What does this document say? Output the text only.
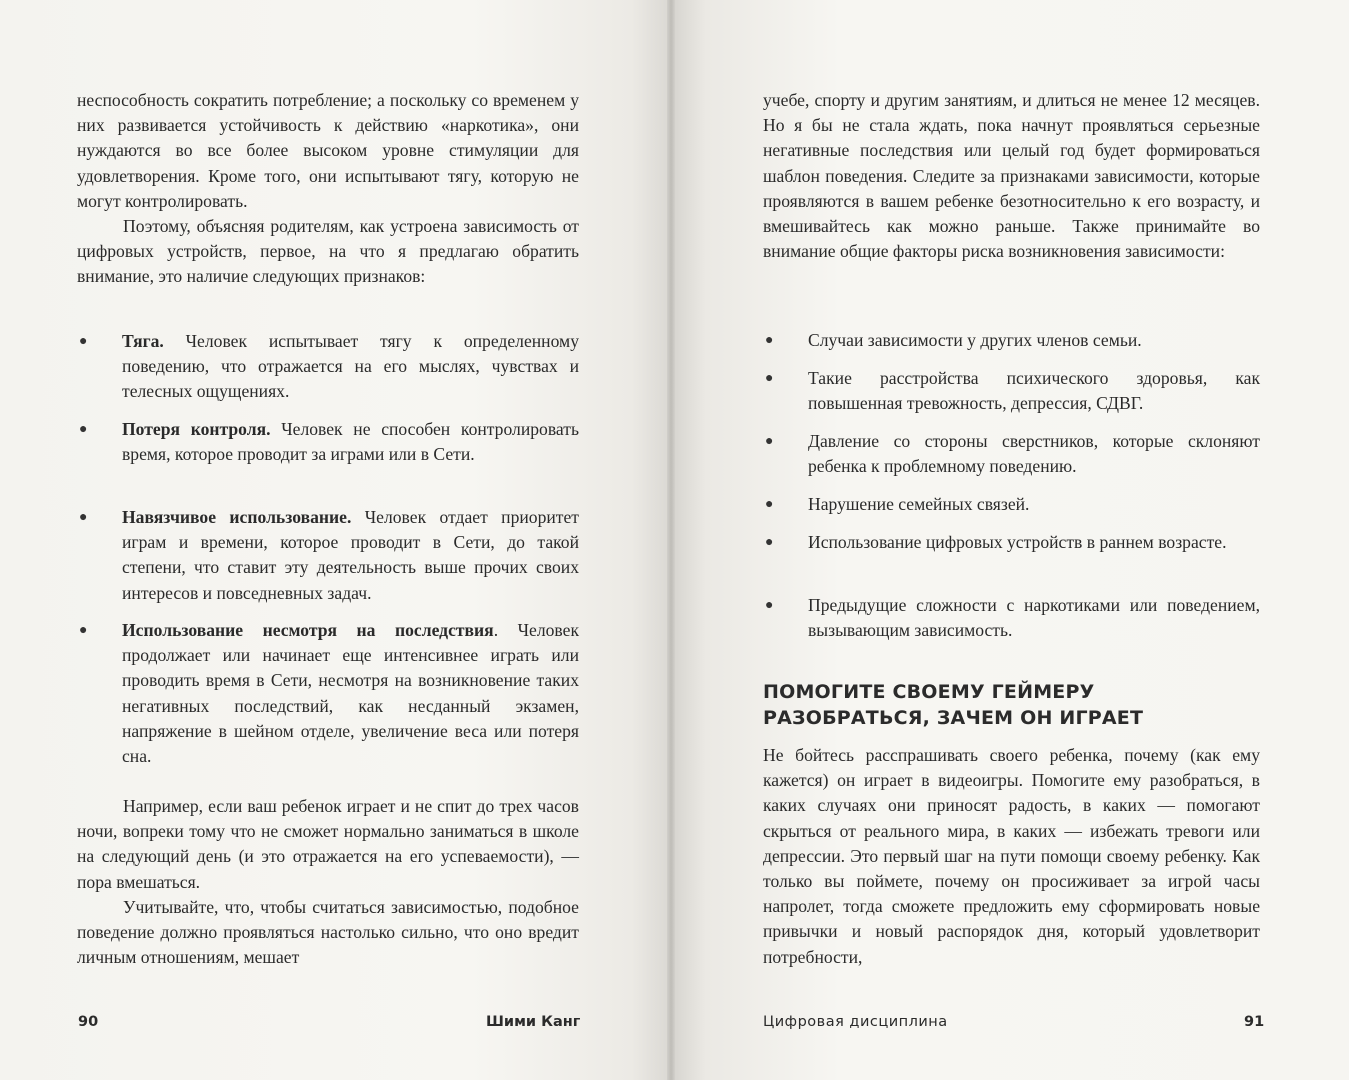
неспособность сократить потребление; а поскольку со временем у них развивается устойчивость к действию «наркотика», они нуждаются во все более высоком уровне стимуляции для удовлетворения. Кроме того, они испытывают тягу, которую не могут контролировать.

Поэтому, объясняя родителям, как устроена зависимость от цифровых устройств, первое, на что я предлагаю обратить внимание, это наличие следующих признаков:

● Тяга. Человек испытывает тягу к определенному поведению, что отражается на его мыслях, чувствах и телесных ощущениях.
● Потеря контроля. Человек не способен контролировать время, которое проводит за играми или в Сети.
● Навязчивое использование. Человек отдает приоритет играм и времени, которое проводит в Сети, до такой степени, что ставит эту деятельность выше прочих своих интересов и повседневных задач.
● Использование несмотря на последствия. Человек продолжает или начинает еще интенсивнее играть или проводить время в Сети, несмотря на возникновение таких негативных последствий, как несданный экзамен, напряжение в шейном отделе, увеличение веса или потеря сна.

Например, если ваш ребенок играет и не спит до трех часов ночи, вопреки тому что не сможет нормально заниматься в школе на следующий день (и это отражается на его успеваемости), — пора вмешаться.

Учитывайте, что, чтобы считаться зависимостью, подобное поведение должно проявляться настолько сильно, что оно вредит личным отношениям, мешает

90	Шими Канг

учебе, спорту и другим занятиям, и длиться не менее 12 месяцев. Но я бы не стала ждать, пока начнут проявляться серьезные негативные последствия или целый год будет формироваться шаблон поведения. Следите за признаками зависимости, которые проявляются в вашем ребенке безотносительно к его возрасту, и вмешивайтесь как можно раньше. Также принимайте во внимание общие факторы риска возникновения зависимости:

● Случаи зависимости у других членов семьи.
● Такие расстройства психического здоровья, как повышенная тревожность, депрессия, СДВГ.
● Давление со стороны сверстников, которые склоняют ребенка к проблемному поведению.
● Нарушение семейных связей.
● Использование цифровых устройств в раннем возрасте.
● Предыдущие сложности с наркотиками или поведением, вызывающим зависимость.
ПОМОГИТЕ СВОЕМУ ГЕЙМЕРУ
РАЗОБРАТЬСЯ, ЗАЧЕМ ОН ИГРАЕТ

Не бойтесь расспрашивать своего ребенка, почему (как ему кажется) он играет в видеоигры. Помогите ему разобраться, в каких случаях они приносят радость, в каких — помогают скрыться от реального мира, в каких — избежать тревоги или депрессии. Это первый шаг на пути помощи своему ребенку. Как только вы поймете, почему он просиживает за игрой часы напролет, тогда сможете предложить ему сформировать новые привычки и новый распорядок дня, который удовлетворит потребности,

Цифровая дисциплина	91
